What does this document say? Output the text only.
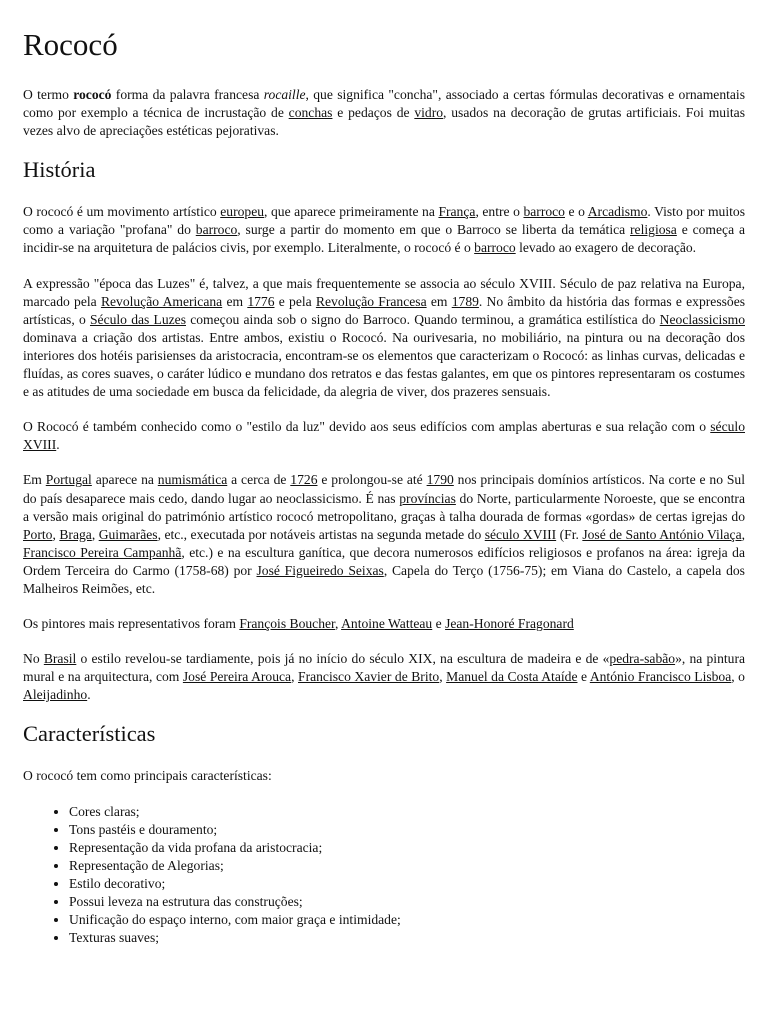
Rococó

O termo rococó forma da palavra francesa rocaille, que significa "concha", associado a certas fórmulas decorativas e ornamentais como por exemplo a técnica de incrustação de conchas e pedaços de vidro, usados na decoração de grutas artificiais. Foi muitas vezes alvo de apreciações estéticas pejorativas.

História

O rococó é um movimento artístico europeu, que aparece primeiramente na França, entre o barroco e o Arcadismo. Visto por muitos como a variação "profana" do barroco, surge a partir do momento em que o Barroco se liberta da temática religiosa e começa a incidir-se na arquitetura de palácios civis, por exemplo. Literalmente, o rococó é o barroco levado ao exagero de decoração.

A expressão "época das Luzes" é, talvez, a que mais frequentemente se associa ao século XVIII. Século de paz relativa na Europa, marcado pela Revolução Americana em 1776 e pela Revolução Francesa em 1789. No âmbito da história das formas e expressões artísticas, o Século das Luzes começou ainda sob o signo do Barroco. Quando terminou, a gramática estilística do Neoclassicismo dominava a criação dos artistas. Entre ambos, existiu o Rococó. Na ourivesaria, no mobiliário, na pintura ou na decoração dos interiores dos hotéis parisienses da aristocracia, encontram-se os elementos que caracterizam o Rococó: as linhas curvas, delicadas e fluídas, as cores suaves, o caráter lúdico e mundano dos retratos e das festas galantes, em que os pintores representaram os costumes e as atitudes de uma sociedade em busca da felicidade, da alegria de viver, dos prazeres sensuais.

O Rococó é também conhecido como o "estilo da luz" devido aos seus edifícios com amplas aberturas e sua relação com o século XVIII.

Em Portugal aparece na numismática a cerca de 1726 e prolongou-se até 1790 nos principais domínios artísticos. Na corte e no Sul do país desaparece mais cedo, dando lugar ao neoclassicismo. É nas províncias do Norte, particularmente Noroeste, que se encontra a versão mais original do património artístico rococó metropolitano, graças à talha dourada de formas «gordas» de certas igrejas do Porto, Braga, Guimarães, etc., executada por notáveis artistas na segunda metade do século XVIII (Fr. José de Santo António Vilaça, Francisco Pereira Campanhã, etc.) e na escultura ganítica, que decora numerosos edifícios religiosos e profanos na área: igreja da Ordem Terceira do Carmo (1758-68) por José Figueiredo Seixas, Capela do Terço (1756-75); em Viana do Castelo, a capela dos Malheiros Reimões, etc.

Os pintores mais representativos foram François Boucher, Antoine Watteau e Jean-Honoré Fragonard

No Brasil o estilo revelou-se tardiamente, pois já no início do século XIX, na escultura de madeira e de «pedra-sabão», na pintura mural e na arquitectura, com José Pereira Arouca, Francisco Xavier de Brito, Manuel da Costa Ataíde e António Francisco Lisboa, o Aleijadinho.

Características

O rococó tem como principais características:

• Cores claras;
• Tons pastéis e douramento;
• Representação da vida profana da aristocracia;
• Representação de Alegorias;
• Estilo decorativo;
• Possui leveza na estrutura das construções;
• Unificação do espaço interno, com maior graça e intimidade;
• Texturas suaves;
